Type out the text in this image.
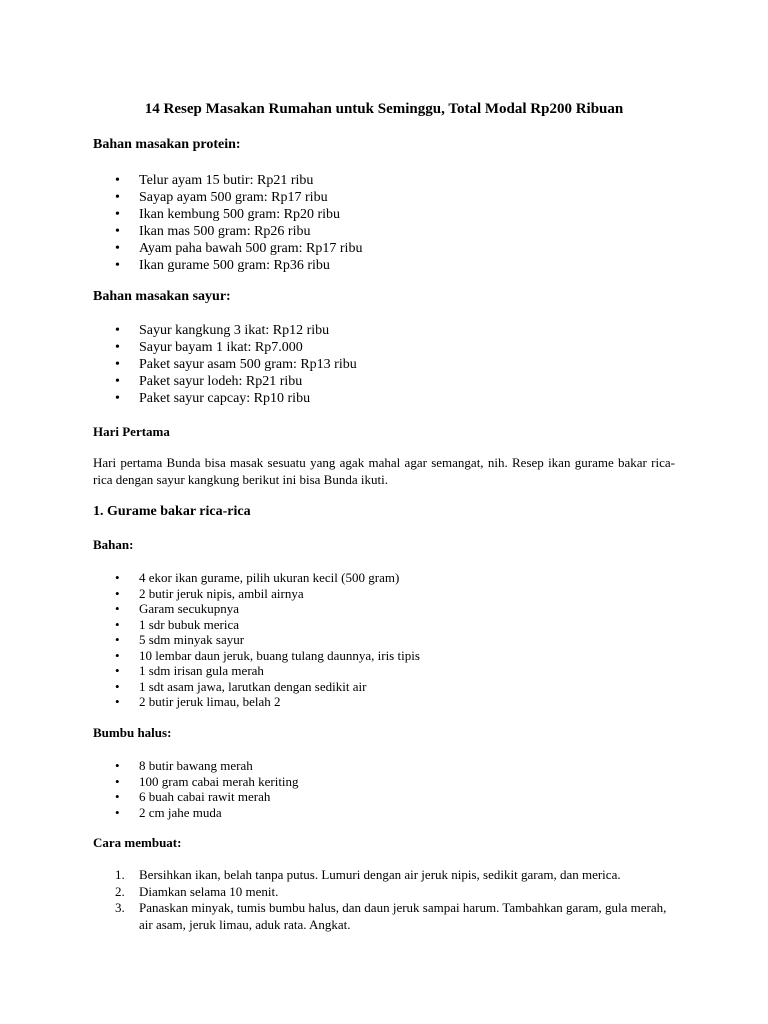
14 Resep Masakan Rumahan untuk Seminggu, Total Modal Rp200 Ribuan
Bahan masakan protein:
• Telur ayam 15 butir: Rp21 ribu
• Sayap ayam 500 gram: Rp17 ribu
• Ikan kembung 500 gram: Rp20 ribu
• Ikan mas 500 gram: Rp26 ribu
• Ayam paha bawah 500 gram: Rp17 ribu
• Ikan gurame 500 gram: Rp36 ribu
Bahan masakan sayur:
• Sayur kangkung 3 ikat: Rp12 ribu
• Sayur bayam 1 ikat: Rp7.000
• Paket sayur asam 500 gram: Rp13 ribu
• Paket sayur lodeh: Rp21 ribu
• Paket sayur capcay: Rp10 ribu
Hari Pertama

Hari pertama Bunda bisa masak sesuatu yang agak mahal agar semangat, nih. Resep ikan gurame bakar rica-rica dengan sayur kangkung berikut ini bisa Bunda ikuti.

1. Gurame bakar rica-rica
Bahan:
• 4 ekor ikan gurame, pilih ukuran kecil (500 gram)
• 2 butir jeruk nipis, ambil airnya
• Garam secukupnya
• 1 sdr bubuk merica
• 5 sdm minyak sayur
• 10 lembar daun jeruk, buang tulang daunnya, iris tipis
• 1 sdm irisan gula merah
• 1 sdt asam jawa, larutkan dengan sedikit air
• 2 butir jeruk limau, belah 2
Bumbu halus:
• 8 butir bawang merah
• 100 gram cabai merah keriting
• 6 buah cabai rawit merah
• 2 cm jahe muda
Cara membuat:
1. Bersihkan ikan, belah tanpa putus. Lumuri dengan air jeruk nipis, sedikit garam, dan merica.
2. Diamkan selama 10 menit.
3. Panaskan minyak, tumis bumbu halus, dan daun jeruk sampai harum. Tambahkan garam, gula merah, air asam, jeruk limau, aduk rata. Angkat.
